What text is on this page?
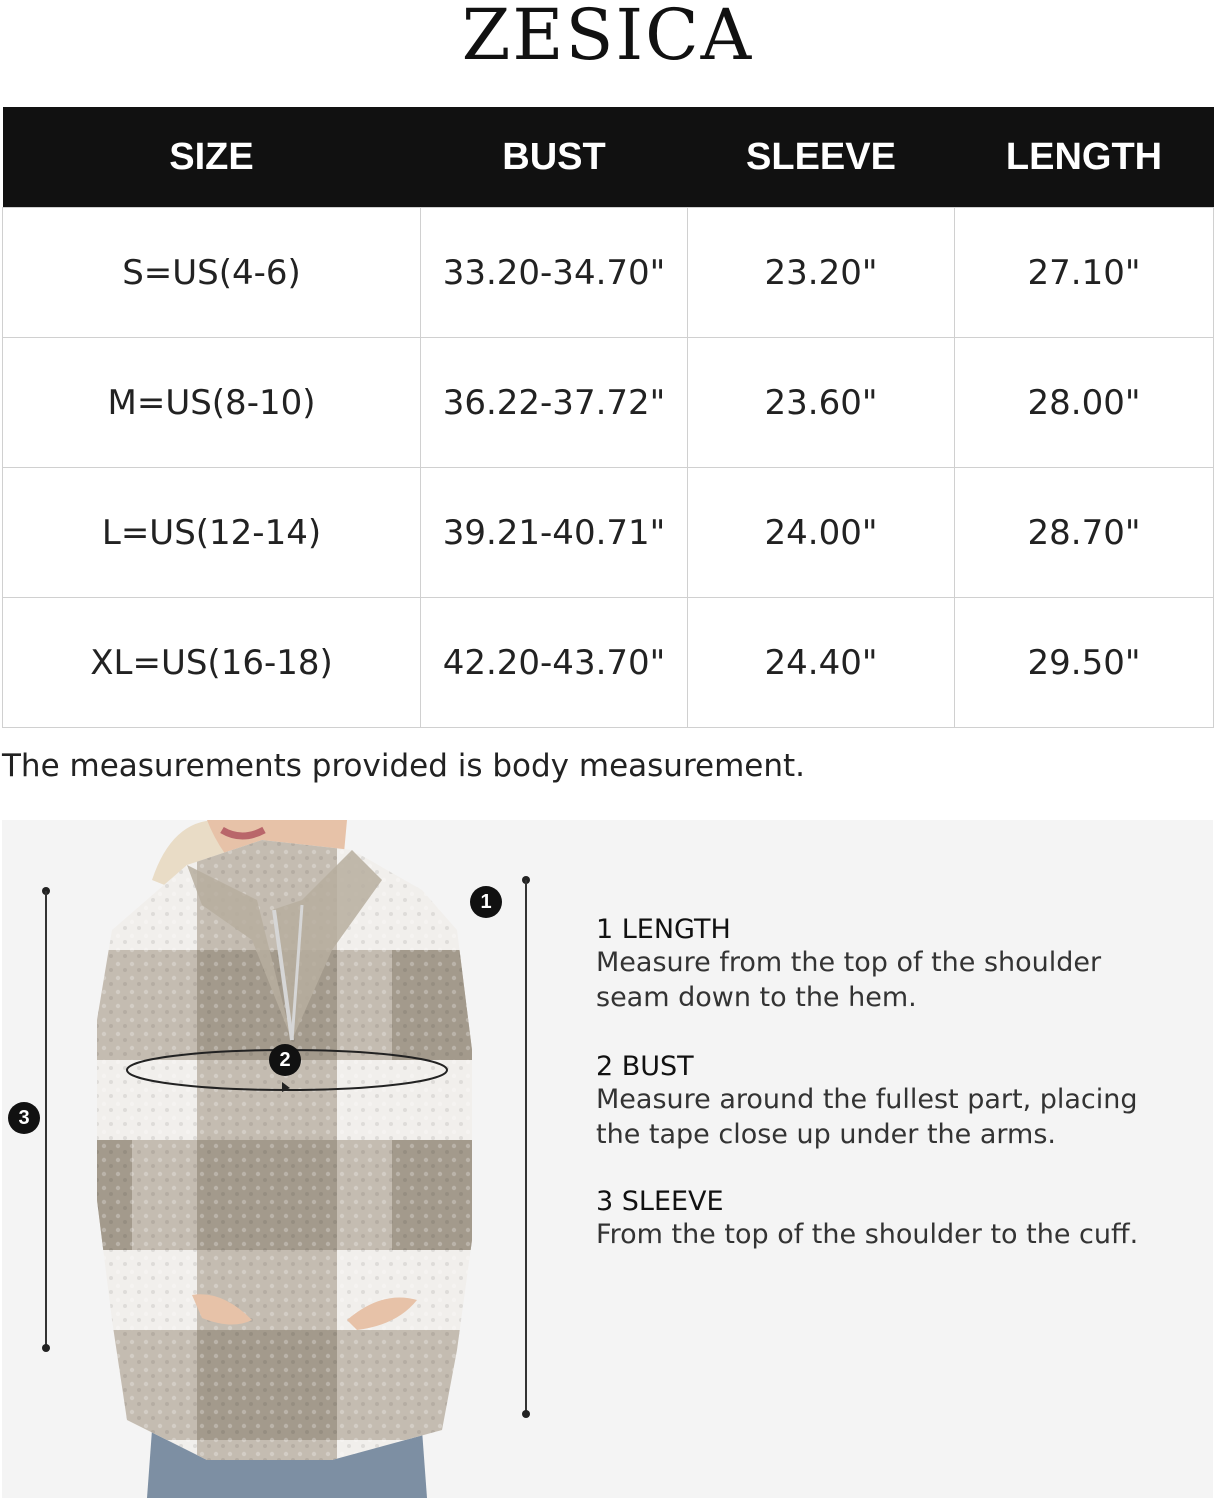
ZESICA
SIZE	BUST	SLEEVE	LENGTH
S=US(4-6)	33.20-34.70"	23.20"	27.10"
M=US(8-10)	36.22-37.72"	23.60"	28.00"
L=US(12-14)	39.21-40.71"	24.00"	28.70"
XL=US(16-18)	42.20-43.70"	24.40"	29.50"
The measurements provided is body measurement.
3
1
2
1 LENGTH
Measure from the top of the shoulder
seam down to the hem.
2 BUST
Measure around the fullest part, placing
the tape close up under the arms.
3 SLEEVE
From the top of the shoulder to the cuff.
